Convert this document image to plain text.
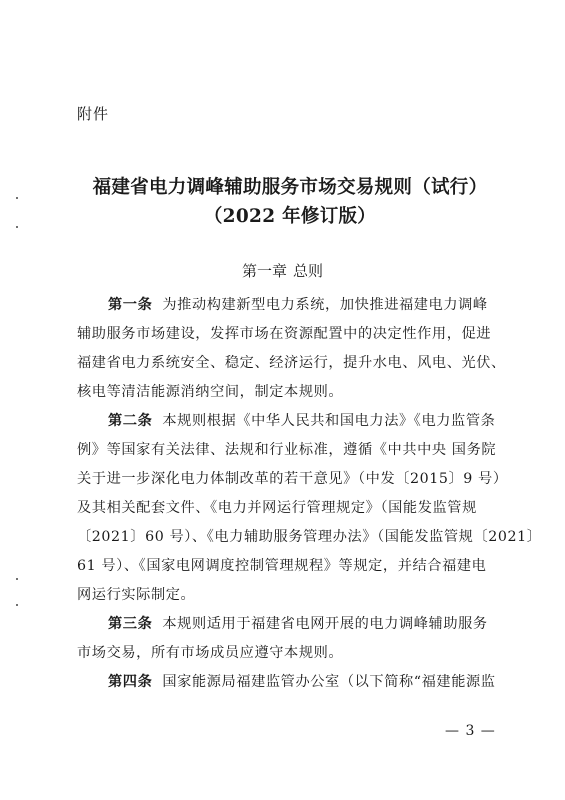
附件
福建省电力调峰辅助服务市场交易规则（试行）
（2022 年修订版）
第一章 总则
第一条 为推动构建新型电力系统，加快推进福建电力调峰
辅助服务市场建设，发挥市场在资源配置中的决定性作用，促进
福建省电力系统安全、稳定、经济运行，提升水电、风电、光伏、
核电等清洁能源消纳空间，制定本规则。
第二条 本规则根据《中华人民共和国电力法》《电力监管条
例》等国家有关法律、法规和行业标准，遵循《中共中央 国务院
关于进一步深化电力体制改革的若干意见》（中发〔2015〕9 号）
及其相关配套文件、《电力并网运行管理规定》（国能发监管规
〔2021〕60 号）、《电力辅助服务管理办法》（国能发监管规〔2021〕
61 号）、《国家电网调度控制管理规程》等规定，并结合福建电
网运行实际制定。
第三条 本规则适用于福建省电网开展的电力调峰辅助服务
市场交易，所有市场成员应遵守本规则。
第四条 国家能源局福建监管办公室（以下简称“福建能源监
— 3 —
